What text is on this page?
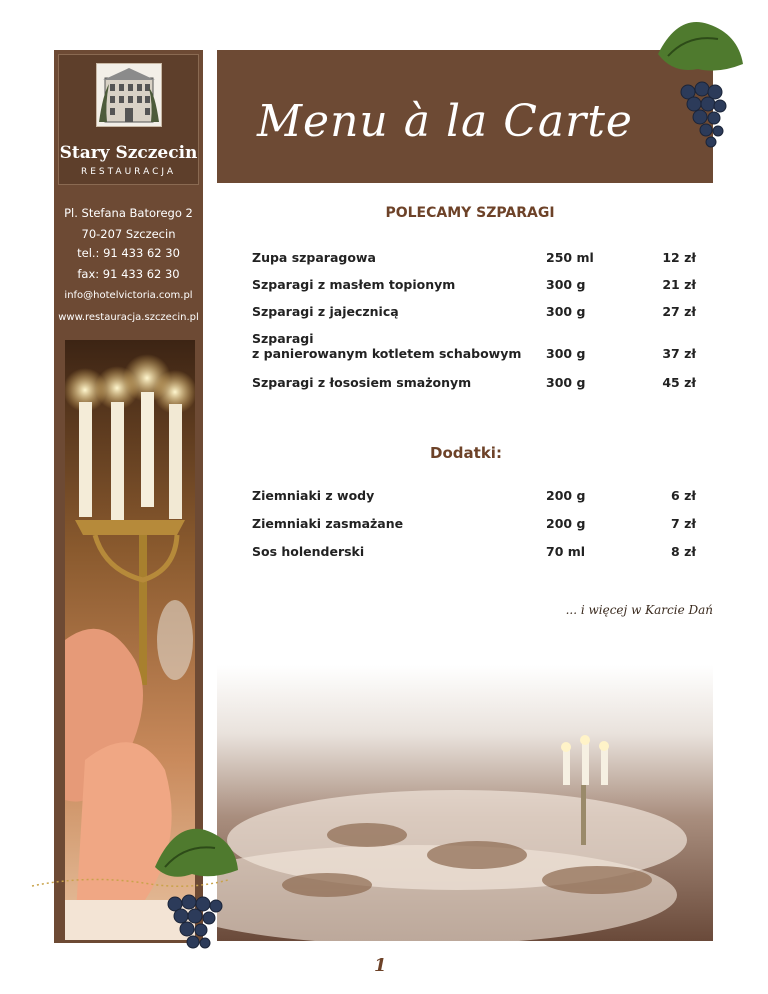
Stary Szczecin
RESTAURACJA
Pl. Stefana Batorego 2
70-207 Szczecin
tel.: 91 433 62 30
fax: 91 433 62 30
info@hotelvictoria.com.pl
www.restauracja.szczecin.pl
Menu à la Carte
POLECAMY SZPARAGI
Zupa szparagowa	250 ml	12 zł
Szparagi z masłem topionym	300 g	21 zł
Szparagi z jajecznicą	300 g	27 zł
Szparagi
z panierowanym kotletem schabowym 300 g	37 zł
Szparagi z łososiem smażonym	300 g	45 zł
Dodatki:
Ziemniaki z wody	200 g	6 zł
Ziemniaki zasmażane	200 g	7 zł
Sos holenderski	70 ml	8 zł
... i więcej w Karcie Dań
1
